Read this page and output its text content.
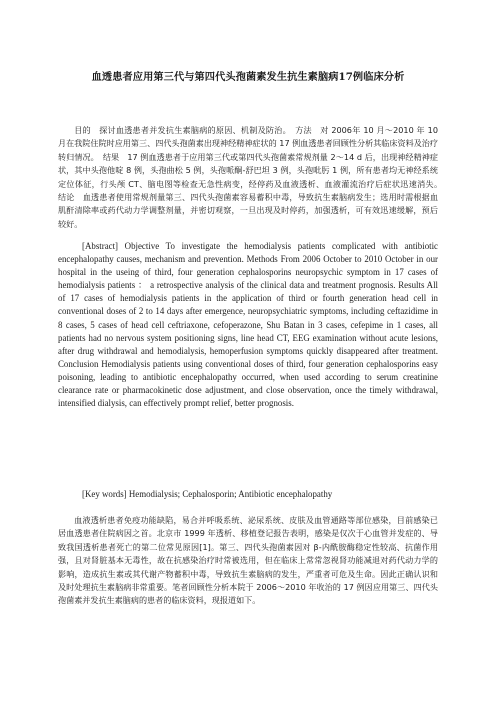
血透患者应用第三代与第四代头孢菌素发生抗生素脑病17例临床分析

目的　探讨血透患者并发抗生素脑病的原因、机制及防治。　方法　对 2006年 10 月～2010 年 10 月在我院住院时应用第三、四代头孢菌素出现神经精神症状的 17 例血透患者回顾性分析其临床资料及治疗转归情况。　结果　17 例血透患者于应用第三代或第四代头孢菌素常规剂量 2～14 d 后，出现神经精神症状，其中头孢他啶 8 例，头孢曲松 5 例，头孢哌酮-舒巴坦 3 例，头孢吡肟 1 例，所有患者均无神经系统定位体征，行头颅 CT、脑电图等检查无急性病变，经停药及血液透析、血液灌流治疗后症状迅速消失。　结论　血透患者使用常规剂量第三、四代头孢菌素容易蓄积中毒，导致抗生素脑病发生；选用时需根据血肌酐清除率或药代动力学调整剂量，并密切观察，一旦出现及时停药，加强透析，可有效迅速缓解，预后较好。

[Abstract] Objective To investigate the hemodialysis patients complicated with antibiotic encephalopathy causes, mechanism and prevention. Methods From 2006 October to 2010 October in our hospital in the useing of third, four generation cephalosporins neuropsychic symptom in 17 cases of hemodialysis patients ： a retrospective analysis of the clinical data and treatment prognosis. Results All of 17 cases of hemodialysis patients in the application of third or fourth generation head cell in conventional doses of 2 to 14 days after emergence, neuropsychiatric symptoms, including ceftazidime in 8 cases, 5 cases of head cell ceftriaxone, cefoperazone, Shu Batan in 3 cases, cefepime in 1 cases, all patients had no nervous system positioning signs, line head CT, EEG examination without acute lesions, after drug withdrawal and hemodialysis, hemoperfusion symptoms quickly disappeared after treatment. Conclusion Hemodialysis patients using conventional doses of third, four generation cephalosporins easy poisoning, leading to antibiotic encephalopathy occurred, when used according to serum creatinine clearance rate or pharmacokinetic dose adjustment, and close observation, once the timely withdrawal, intensified dialysis, can effectively prompt relief, better prognosis.

[Key words] Hemodialysis; Cephalosporin; Antibiotic encephalopathy

血液透析患者免疫功能缺陷，易合并呼吸系统、泌尿系统、皮肤及血管通路等部位感染，目前感染已居血透患者住院病因之首。北京市 1999 年透析、移植登记报告表明，感染是仅次于心血管并发症的、导致我国透析患者死亡的第二位常见原因[1]。第三、四代头孢菌素因对 β-内酰胺酶稳定性较高、抗菌作用强，且对肾脏基本无毒性，故在抗感染治疗时常被选用，但在临床上常常忽视肾功能减退对药代动力学的影响，造成抗生素或其代谢产物蓄积中毒，导致抗生素脑病的发生，严重者可危及生命。因此正确认识和及时处理抗生素脑病非常重要。笔者回顾性分析本院于 2006～2010 年收治的 17 例因应用第三、四代头孢菌素并发抗生素脑病的患者的临床资料，现报道如下。
